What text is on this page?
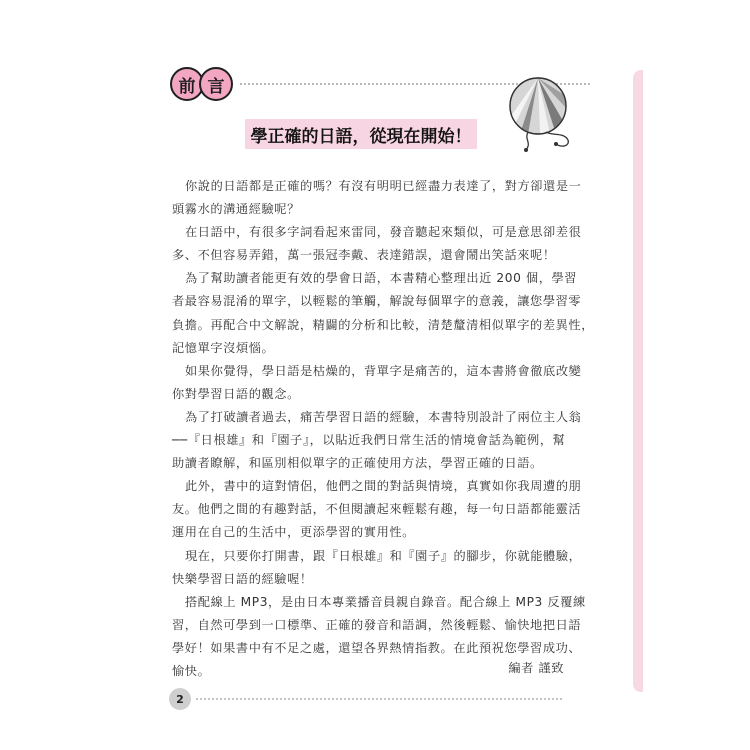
前 言
學正確的日語，從現在開始！
你說的日語都是正確的嗎？有沒有明明已經盡力表達了，對方卻還是一
頭霧水的溝通經驗呢？
在日語中，有很多字詞看起來雷同，發音聽起來類似，可是意思卻差很
多、不但容易弄錯，萬一張冠李戴、表達錯誤，還會鬧出笑話來呢！
為了幫助讀者能更有效的學會日語，本書精心整理出近 200 個，學習
者最容易混淆的單字，以輕鬆的筆觸，解說每個單字的意義，讓您學習零
負擔。再配合中文解說，精闢的分析和比較，清楚釐清相似單字的差異性，
記憶單字沒煩惱。
如果你覺得，學日語是枯燥的，背單字是痛苦的，這本書將會徹底改變
你對學習日語的觀念。
為了打破讀者過去，痛苦學習日語的經驗，本書特別設計了兩位主人翁
──『日根雄』和『園子』，以貼近我們日常生活的情境會話為範例，幫
助讀者瞭解，和區別相似單字的正確使用方法，學習正確的日語。
此外，書中的這對情侶，他們之間的對話與情境，真實如你我周遭的朋
友。他們之間的有趣對話，不但閱讀起來輕鬆有趣，每一句日語都能靈活
運用在自己的生活中，更添學習的實用性。
現在，只要你打開書，跟『日根雄』和『園子』的腳步，你就能體驗，
快樂學習日語的經驗喔！
搭配線上 MP3，是由日本專業播音員親自錄音。配合線上 MP3 反覆練
習，自然可學到一口標準、正確的發音和語調，然後輕鬆、愉快地把日語
學好！如果書中有不足之處，還望各界熱情指教。在此預祝您學習成功、
愉快。	編者 謹致
2
